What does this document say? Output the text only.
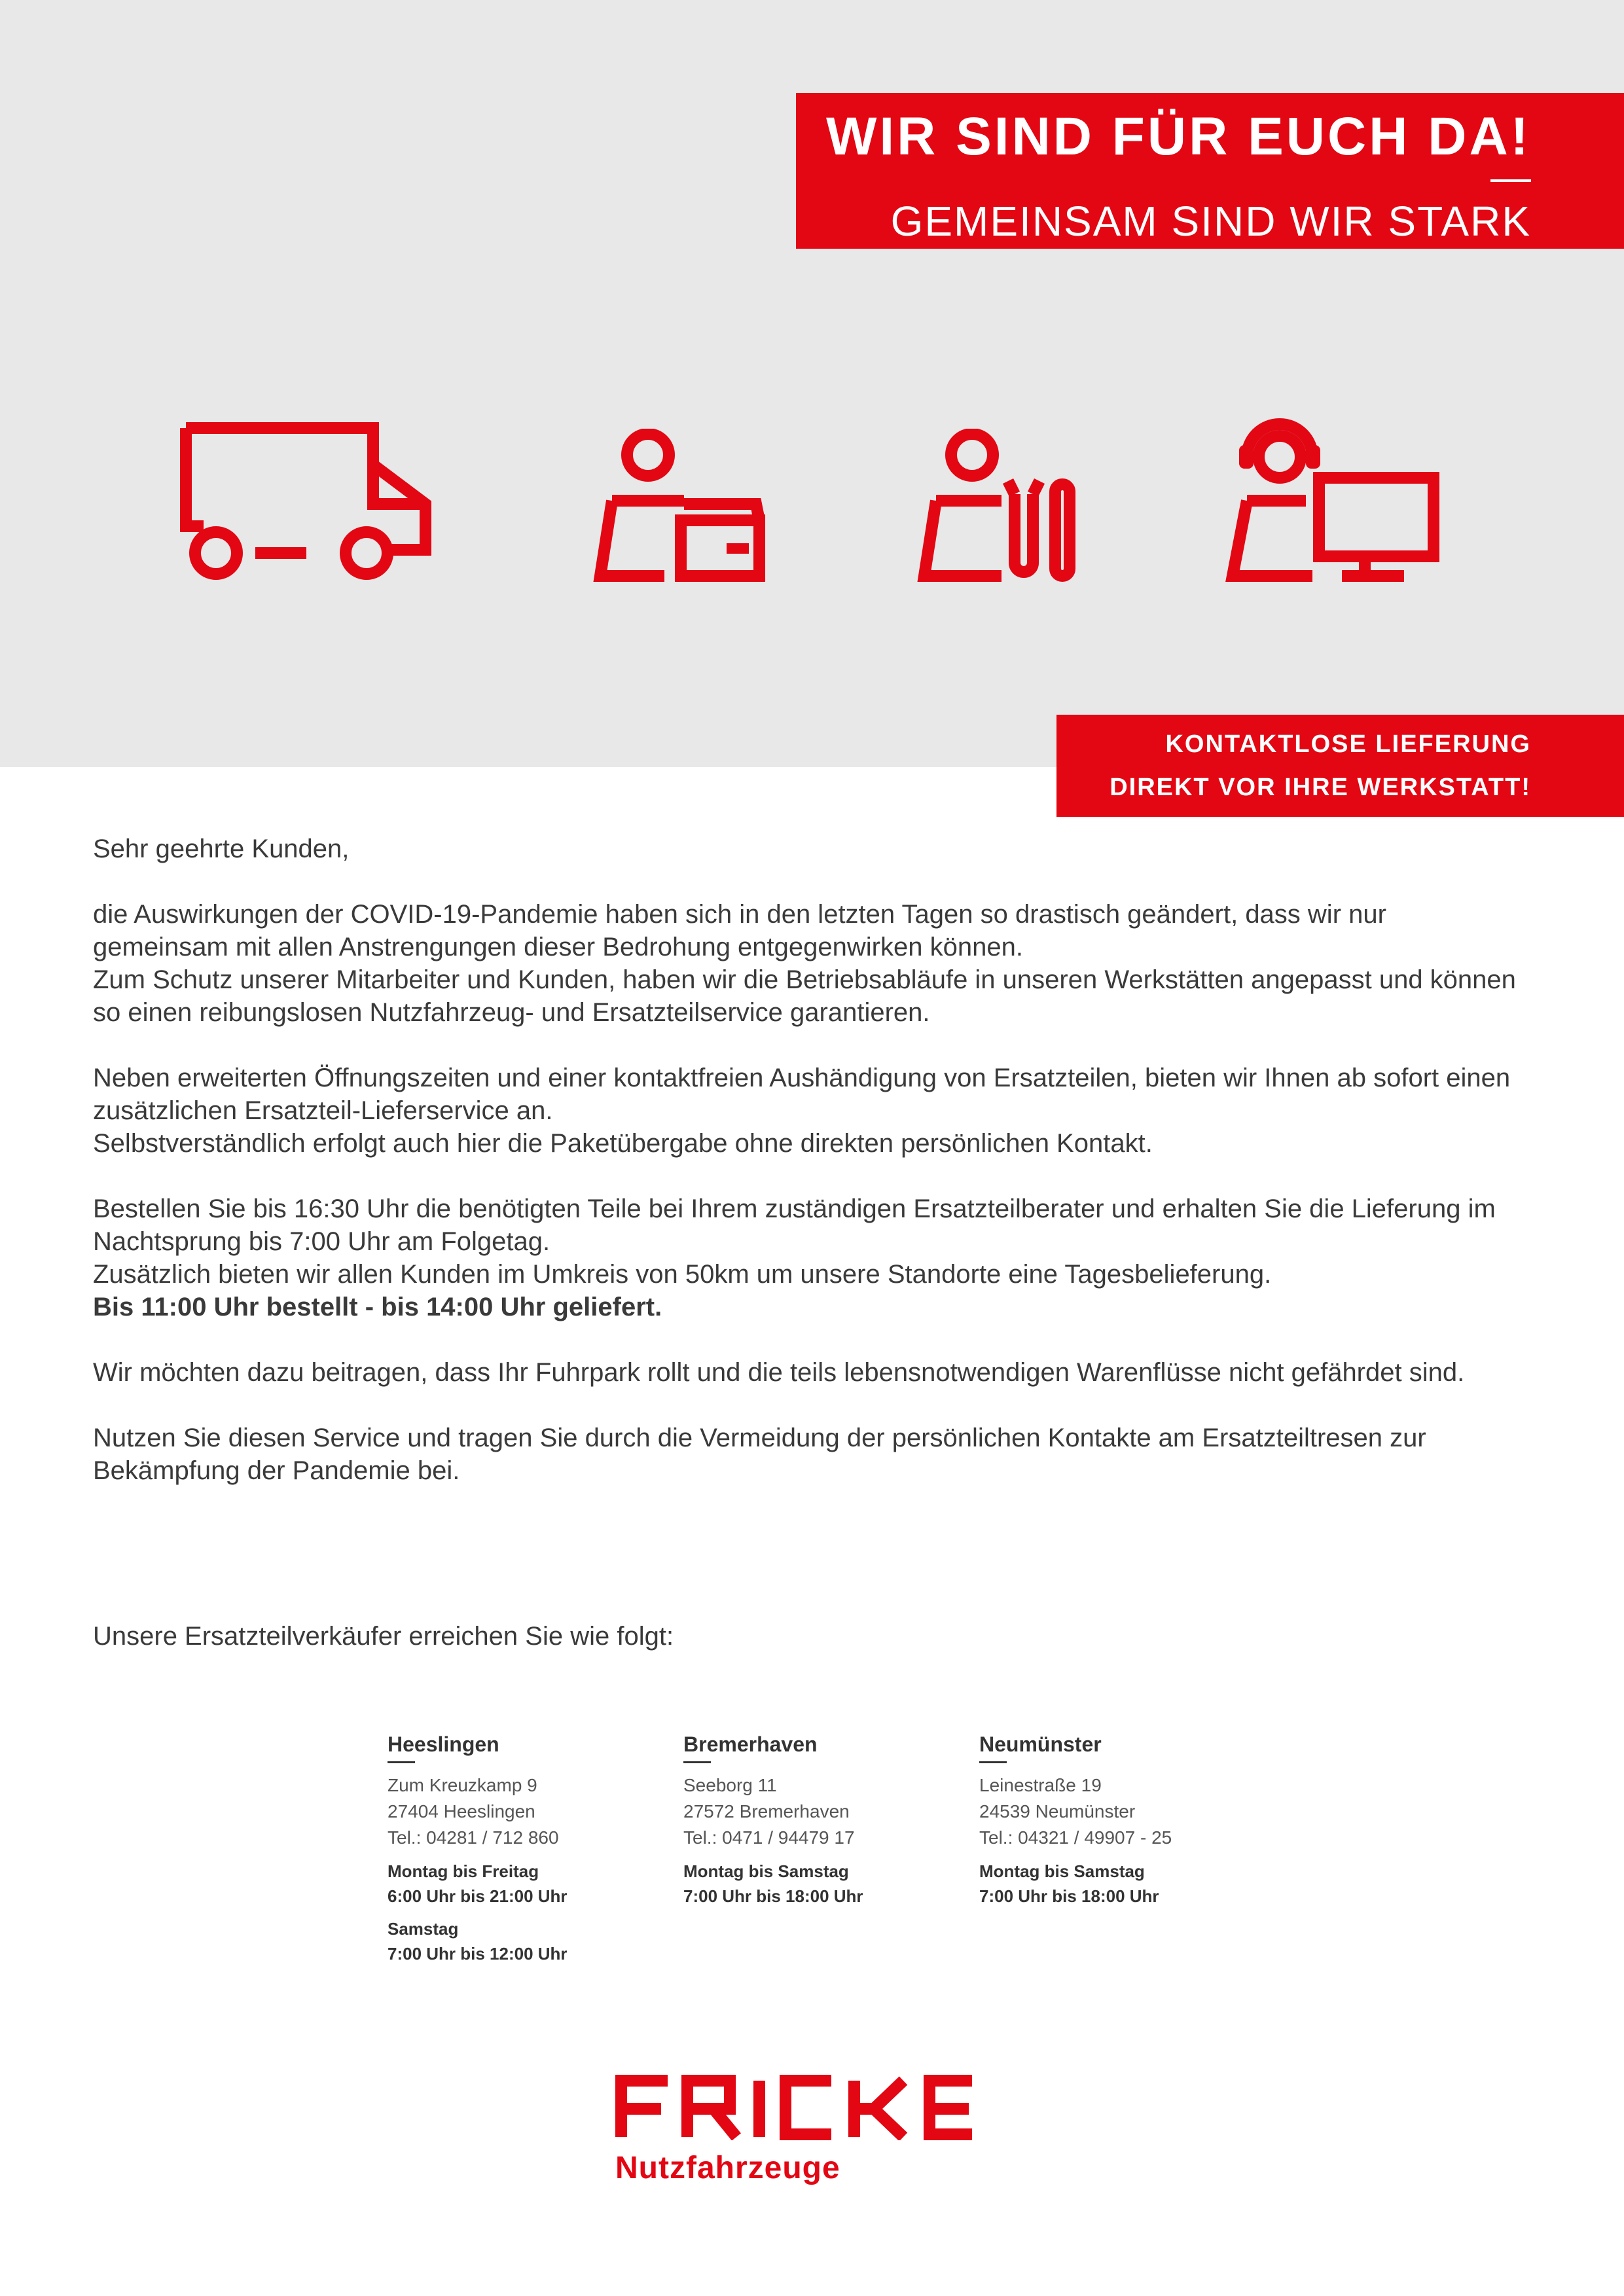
WIR SIND FÜR EUCH DA!
GEMEINSAM SIND WIR STARK
KONTAKTLOSE LIEFERUNG
DIREKT VOR IHRE WERKSTATT!

Sehr geehrte Kunden,

die Auswirkungen der COVID-19-Pandemie haben sich in den letzten Tagen so drastisch geändert, dass wir nur gemeinsam mit allen Anstrengungen dieser Bedrohung entgegenwirken können.

Zum Schutz unserer Mitarbeiter und Kunden, haben wir die Betriebsabläufe in unseren Werkstätten angepasst und können so einen reibungslosen Nutzfahrzeug- und Ersatzteilservice garantieren.

Neben erweiterten Öffnungszeiten und einer kontaktfreien Aushändigung von Ersatzteilen, bieten wir Ihnen ab sofort einen zusätzlichen Ersatzteil-Lieferservice an.

Selbstverständlich erfolgt auch hier die Paketübergabe ohne direkten persönlichen Kontakt.

Bestellen Sie bis 16:30 Uhr die benötigten Teile bei Ihrem zuständigen Ersatzteilberater und erhalten Sie die Lieferung im Nachtsprung bis 7:00 Uhr am Folgetag.

Zusätzlich bieten wir allen Kunden im Umkreis von 50km um unsere Standorte eine Tagesbelieferung.

Bis 11:00 Uhr bestellt - bis 14:00 Uhr geliefert.

Wir möchten dazu beitragen, dass Ihr Fuhrpark rollt und die teils lebensnotwendigen Warenflüsse nicht gefährdet sind.

Nutzen Sie diesen Service und tragen Sie durch die Vermeidung der persönlichen Kontakte am Ersatzteiltresen zur Bekämpfung der Pandemie bei.

Unsere Ersatzteilverkäufer erreichen Sie wie folgt:
Heeslingen
Zum Kreuzkamp 9
27404 Heeslingen
Tel.: 04281 / 712 860
Montag bis Freitag
6:00 Uhr bis 21:00 Uhr
Samstag
7:00 Uhr bis 12:00 Uhr
Bremerhaven
Seeborg 11
27572 Bremerhaven
Tel.: 0471 / 94479 17
Montag bis Samstag
7:00 Uhr bis 18:00 Uhr
Neumünster
Leinestraße 19
24539 Neumünster
Tel.: 04321 / 49907 - 25
Montag bis Samstag
7:00 Uhr bis 18:00 Uhr
Nutzfahrzeuge
